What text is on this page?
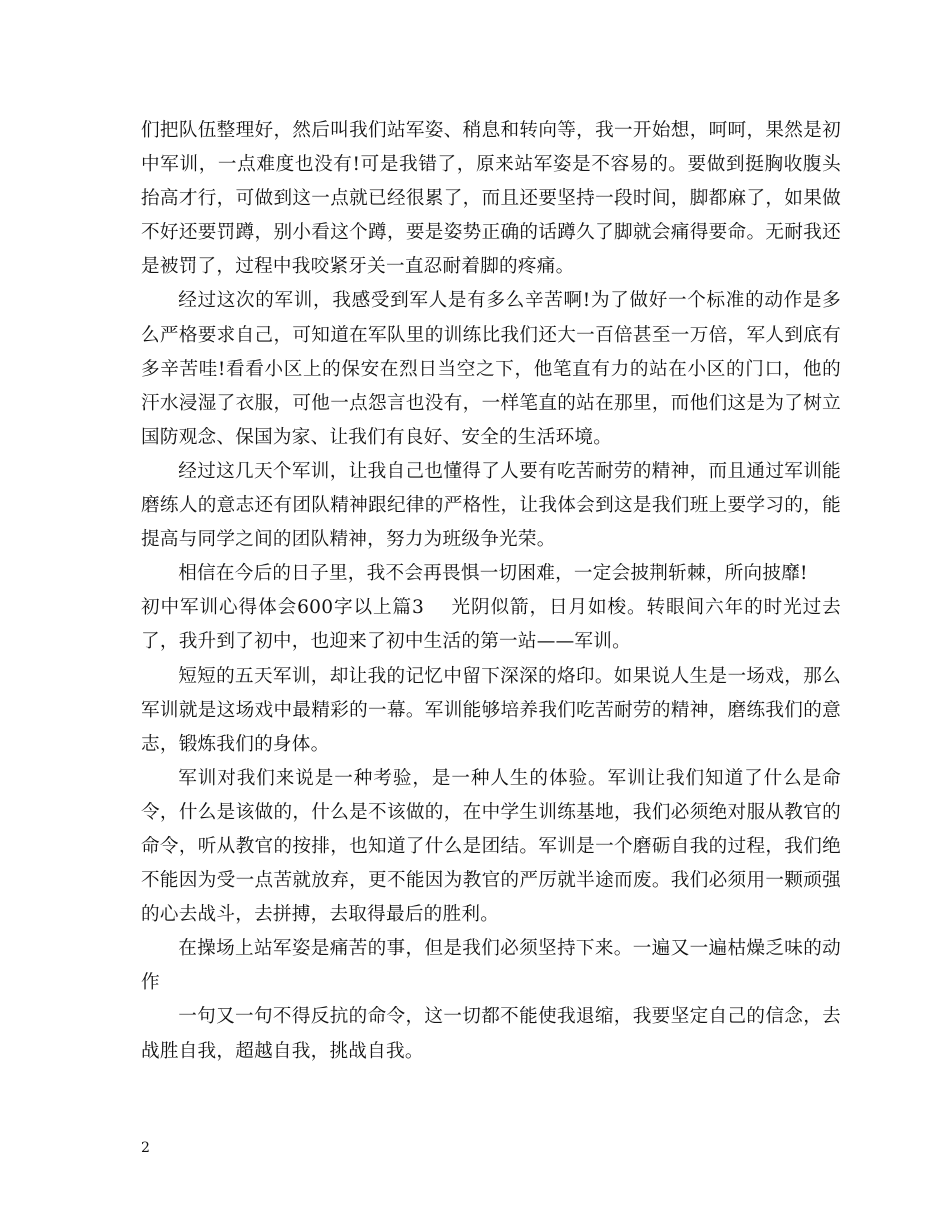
们把队伍整理好，然后叫我们站军姿、稍息和转向等，我一开始想，呵呵，果然是初中军训，一点难度也没有!可是我错了，原来站军姿是不容易的。要做到挺胸收腹头抬高才行，可做到这一点就已经很累了，而且还要坚持一段时间，脚都麻了，如果做不好还要罚蹲，别小看这个蹲，要是姿势正确的话蹲久了脚就会痛得要命。无耐我还是被罚了，过程中我咬紧牙关一直忍耐着脚的疼痛。

经过这次的军训，我感受到军人是有多么辛苦啊!为了做好一个标准的动作是多么严格要求自己，可知道在军队里的训练比我们还大一百倍甚至一万倍，军人到底有多辛苦哇!看看小区上的保安在烈日当空之下，他笔直有力的站在小区的门口，他的汗水浸湿了衣服，可他一点怨言也没有，一样笔直的站在那里，而他们这是为了树立国防观念、保国为家、让我们有良好、安全的生活环境。

经过这几天个军训，让我自己也懂得了人要有吃苦耐劳的精神，而且通过军训能磨练人的意志还有团队精神跟纪律的严格性，让我体会到这是我们班上要学习的，能提高与同学之间的团队精神，努力为班级争光荣。

相信在今后的日子里，我不会再畏惧一切困难，一定会披荆斩棘，所向披靡!

初中军训心得体会600字以上篇3 光阴似箭，日月如梭。转眼间六年的时光过去了，我升到了初中，也迎来了初中生活的第一站——军训。

短短的五天军训，却让我的记忆中留下深深的烙印。如果说人生是一场戏，那么军训就是这场戏中最精彩的一幕。军训能够培养我们吃苦耐劳的精神，磨练我们的意志，锻炼我们的身体。

军训对我们来说是一种考验，是一种人生的体验。军训让我们知道了什么是命令，什么是该做的，什么是不该做的，在中学生训练基地，我们必须绝对服从教官的命令，听从教官的按排，也知道了什么是团结。军训是一个磨砺自我的过程，我们绝不能因为受一点苦就放弃，更不能因为教官的严厉就半途而废。我们必须用一颗顽强的心去战斗，去拼搏，去取得最后的胜利。

在操场上站军姿是痛苦的事，但是我们必须坚持下来。一遍又一遍枯燥乏味的动作

一句又一句不得反抗的命令，这一切都不能使我退缩，我要坚定自己的信念，去战胜自我，超越自我，挑战自我。

2
